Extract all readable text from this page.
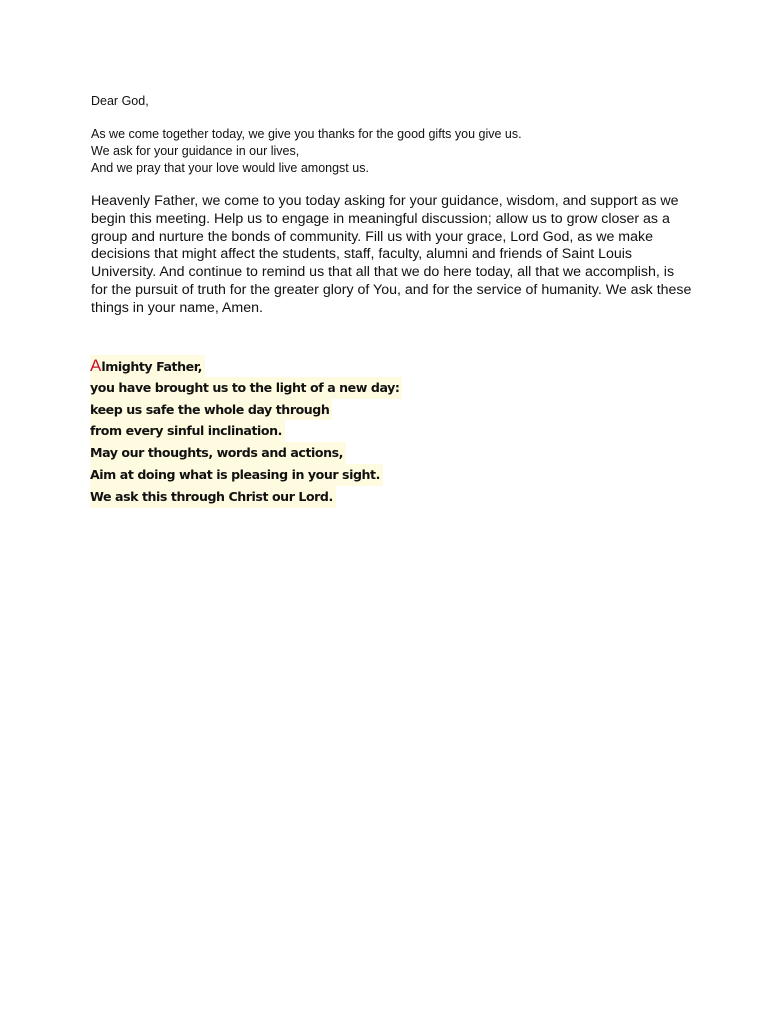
Dear God,

As we come together today, we give you thanks for the good gifts you give us.
We ask for your guidance in our lives,
And we pray that your love would live amongst us.

Heavenly Father, we come to you today asking for your guidance, wisdom, and support as we
begin this meeting. Help us to engage in meaningful discussion; allow us to grow closer as a
group and nurture the bonds of community. Fill us with your grace, Lord God, as we make
decisions that might affect the students, staff, faculty, alumni and friends of Saint Louis
University. And continue to remind us that all that we do here today, all that we accomplish, is
for the pursuit of truth for the greater glory of You, and for the service of humanity. We ask these
things in your name, Amen.

Almighty Father,
you have brought us to the light of a new day:
keep us safe the whole day through
from every sinful inclination.
May our thoughts, words and actions,
Aim at doing what is pleasing in your sight.
We ask this through Christ our Lord.
